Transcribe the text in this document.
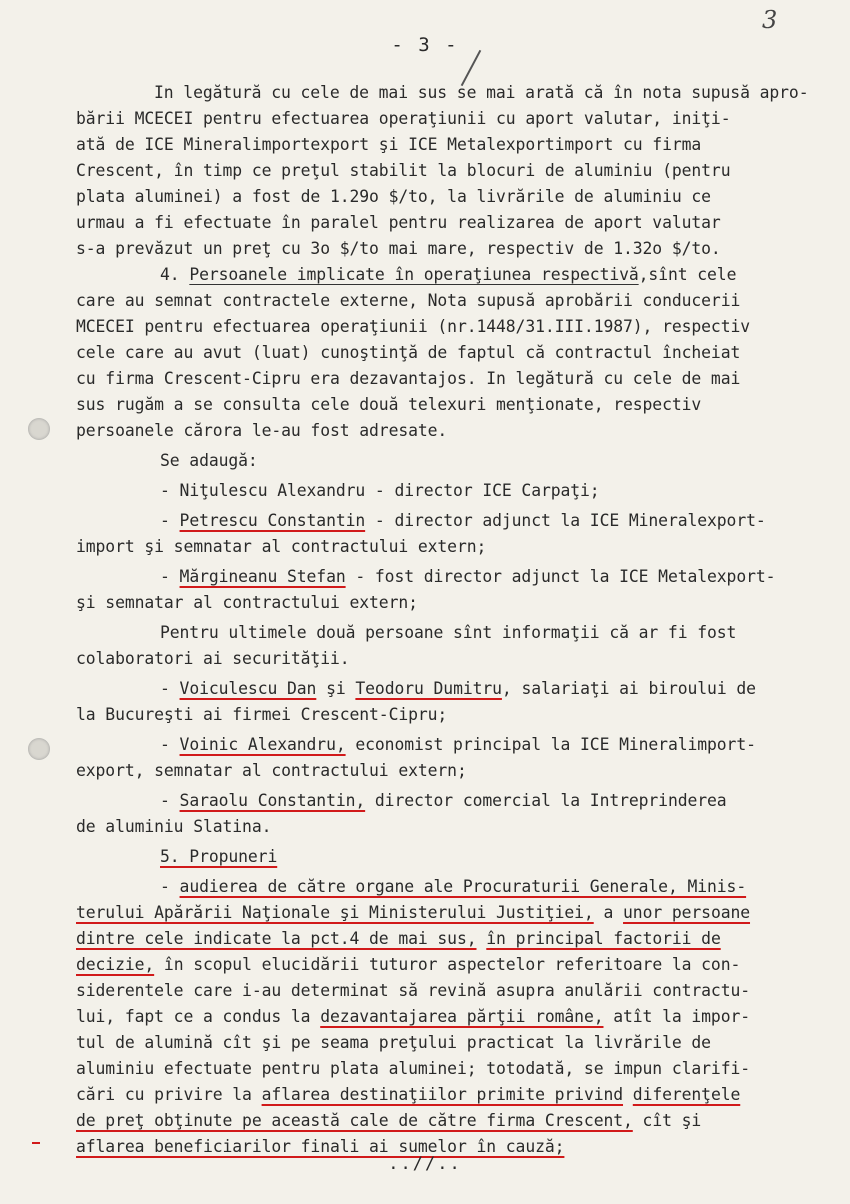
3
- 3 -
In legătură cu cele de mai sus se mai arată că în nota supusă apro-
bării MCECEI pentru efectuarea operaţiunii cu aport valutar, iniţi-
ată de ICE Mineralimportexport şi ICE Metalexportimport cu firma
Crescent, în timp ce preţul stabilit la blocuri de aluminiu (pentru
plata aluminei) a fost de 1.29o $/to, la livrările de aluminiu ce
urmau a fi efectuate în paralel pentru realizarea de aport valutar
s-a prevăzut un preţ cu 3o $/to mai mare, respectiv de 1.32o $/to.
4. Persoanele implicate în operaţiunea respectivă,sînt cele
care au semnat contractele externe, Nota supusă aprobării conducerii
MCECEI pentru efectuarea operaţiunii (nr.1448/31.III.1987), respectiv
cele care au avut (luat) cunoştinţă de faptul că contractul încheiat
cu firma Crescent-Cipru era dezavantajos. In legătură cu cele de mai
sus rugăm a se consulta cele două telexuri menţionate, respectiv
persoanele cărora le-au fost adresate.
Se adaugă:
- Niţulescu Alexandru - director ICE Carpaţi;
- Petrescu Constantin - director adjunct la ICE Mineralexport-
import şi semnatar al contractului extern;
- Mărgineanu Stefan - fost director adjunct la ICE Metalexport-
şi semnatar al contractului extern;
Pentru ultimele două persoane sînt informaţii că ar fi fost
colaboratori ai securităţii.
- Voiculescu Dan şi Teodoru Dumitru, salariaţi ai biroului de
la Bucureşti ai firmei Crescent-Cipru;
- Voinic Alexandru, economist principal la ICE Mineralimport-
export, semnatar al contractului extern;
- Saraolu Constantin, director comercial la Intreprinderea
de aluminiu Slatina.
5. Propuneri
- audierea de către organe ale Procuraturii Generale, Minis-
terului Apărării Naţionale şi Ministerului Justiţiei, a unor persoane
dintre cele indicate la pct.4 de mai sus, în principal factorii de
decizie, în scopul elucidării tuturor aspectelor referitoare la con-
siderentele care i-au determinat să revină asupra anulării contractu-
lui, fapt ce a condus la dezavantajarea părţii române, atît la impor-
tul de alumină cît şi pe seama preţului practicat la livrările de
aluminiu efectuate pentru plata aluminei; totodată, se impun clarifi-
cări cu privire la aflarea destinaţiilor primite privind diferenţele
de preţ obţinute pe această cale de către firma Crescent, cît şi
aflarea beneficiarilor finali ai sumelor în cauză;
..//..
